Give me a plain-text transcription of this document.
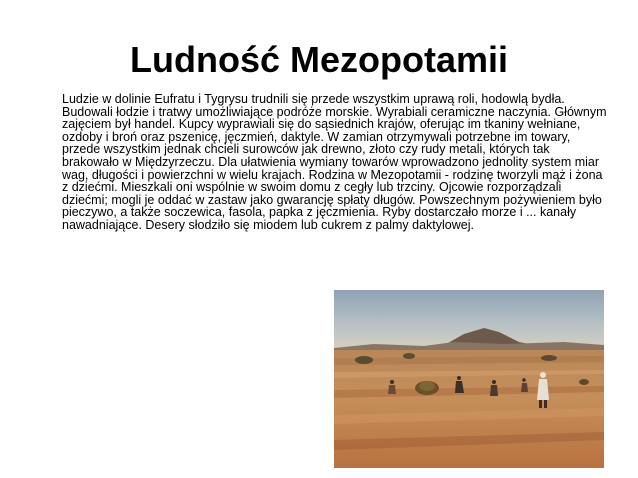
Ludność Mezopotamii

Ludzie w dolinie Eufratu i Tygrysu trudnili się przede wszystkim uprawą roli, hodowlą bydła. Budowali łodzie i tratwy umożliwiające podróże morskie. Wyrabiali ceramiczne naczynia. Głównym zajęciem był handel. Kupcy wyprawiali się do sąsiednich krajów, oferując im tkaniny wełniane, ozdoby i broń oraz pszenicę, jęczmień, daktyle. W zamian otrzymywali potrzebne im towary, przede wszystkim jednak chcieli surowców jak drewno, złoto czy rudy metali, których tak brakowało w Międzyrzeczu. Dla ułatwienia wymiany towarów wprowadzono jednolity system miar wag, długości i powierzchni w wielu krajach. Rodzina w Mezopotamii - rodzinę tworzyli mąż i żona z dziećmi. Mieszkali oni wspólnie w swoim domu z cegły lub trzciny. Ojcowie rozporządzali dziećmi; mogli je oddać w zastaw jako gwarancję spłaty długów. Powszechnym pożywieniem było pieczywo, a także soczewica, fasola, papka z jęczmienia. Ryby dostarczało morze i ... kanały nawadniające. Desery słodziło się miodem lub cukrem z palmy daktylowej.
